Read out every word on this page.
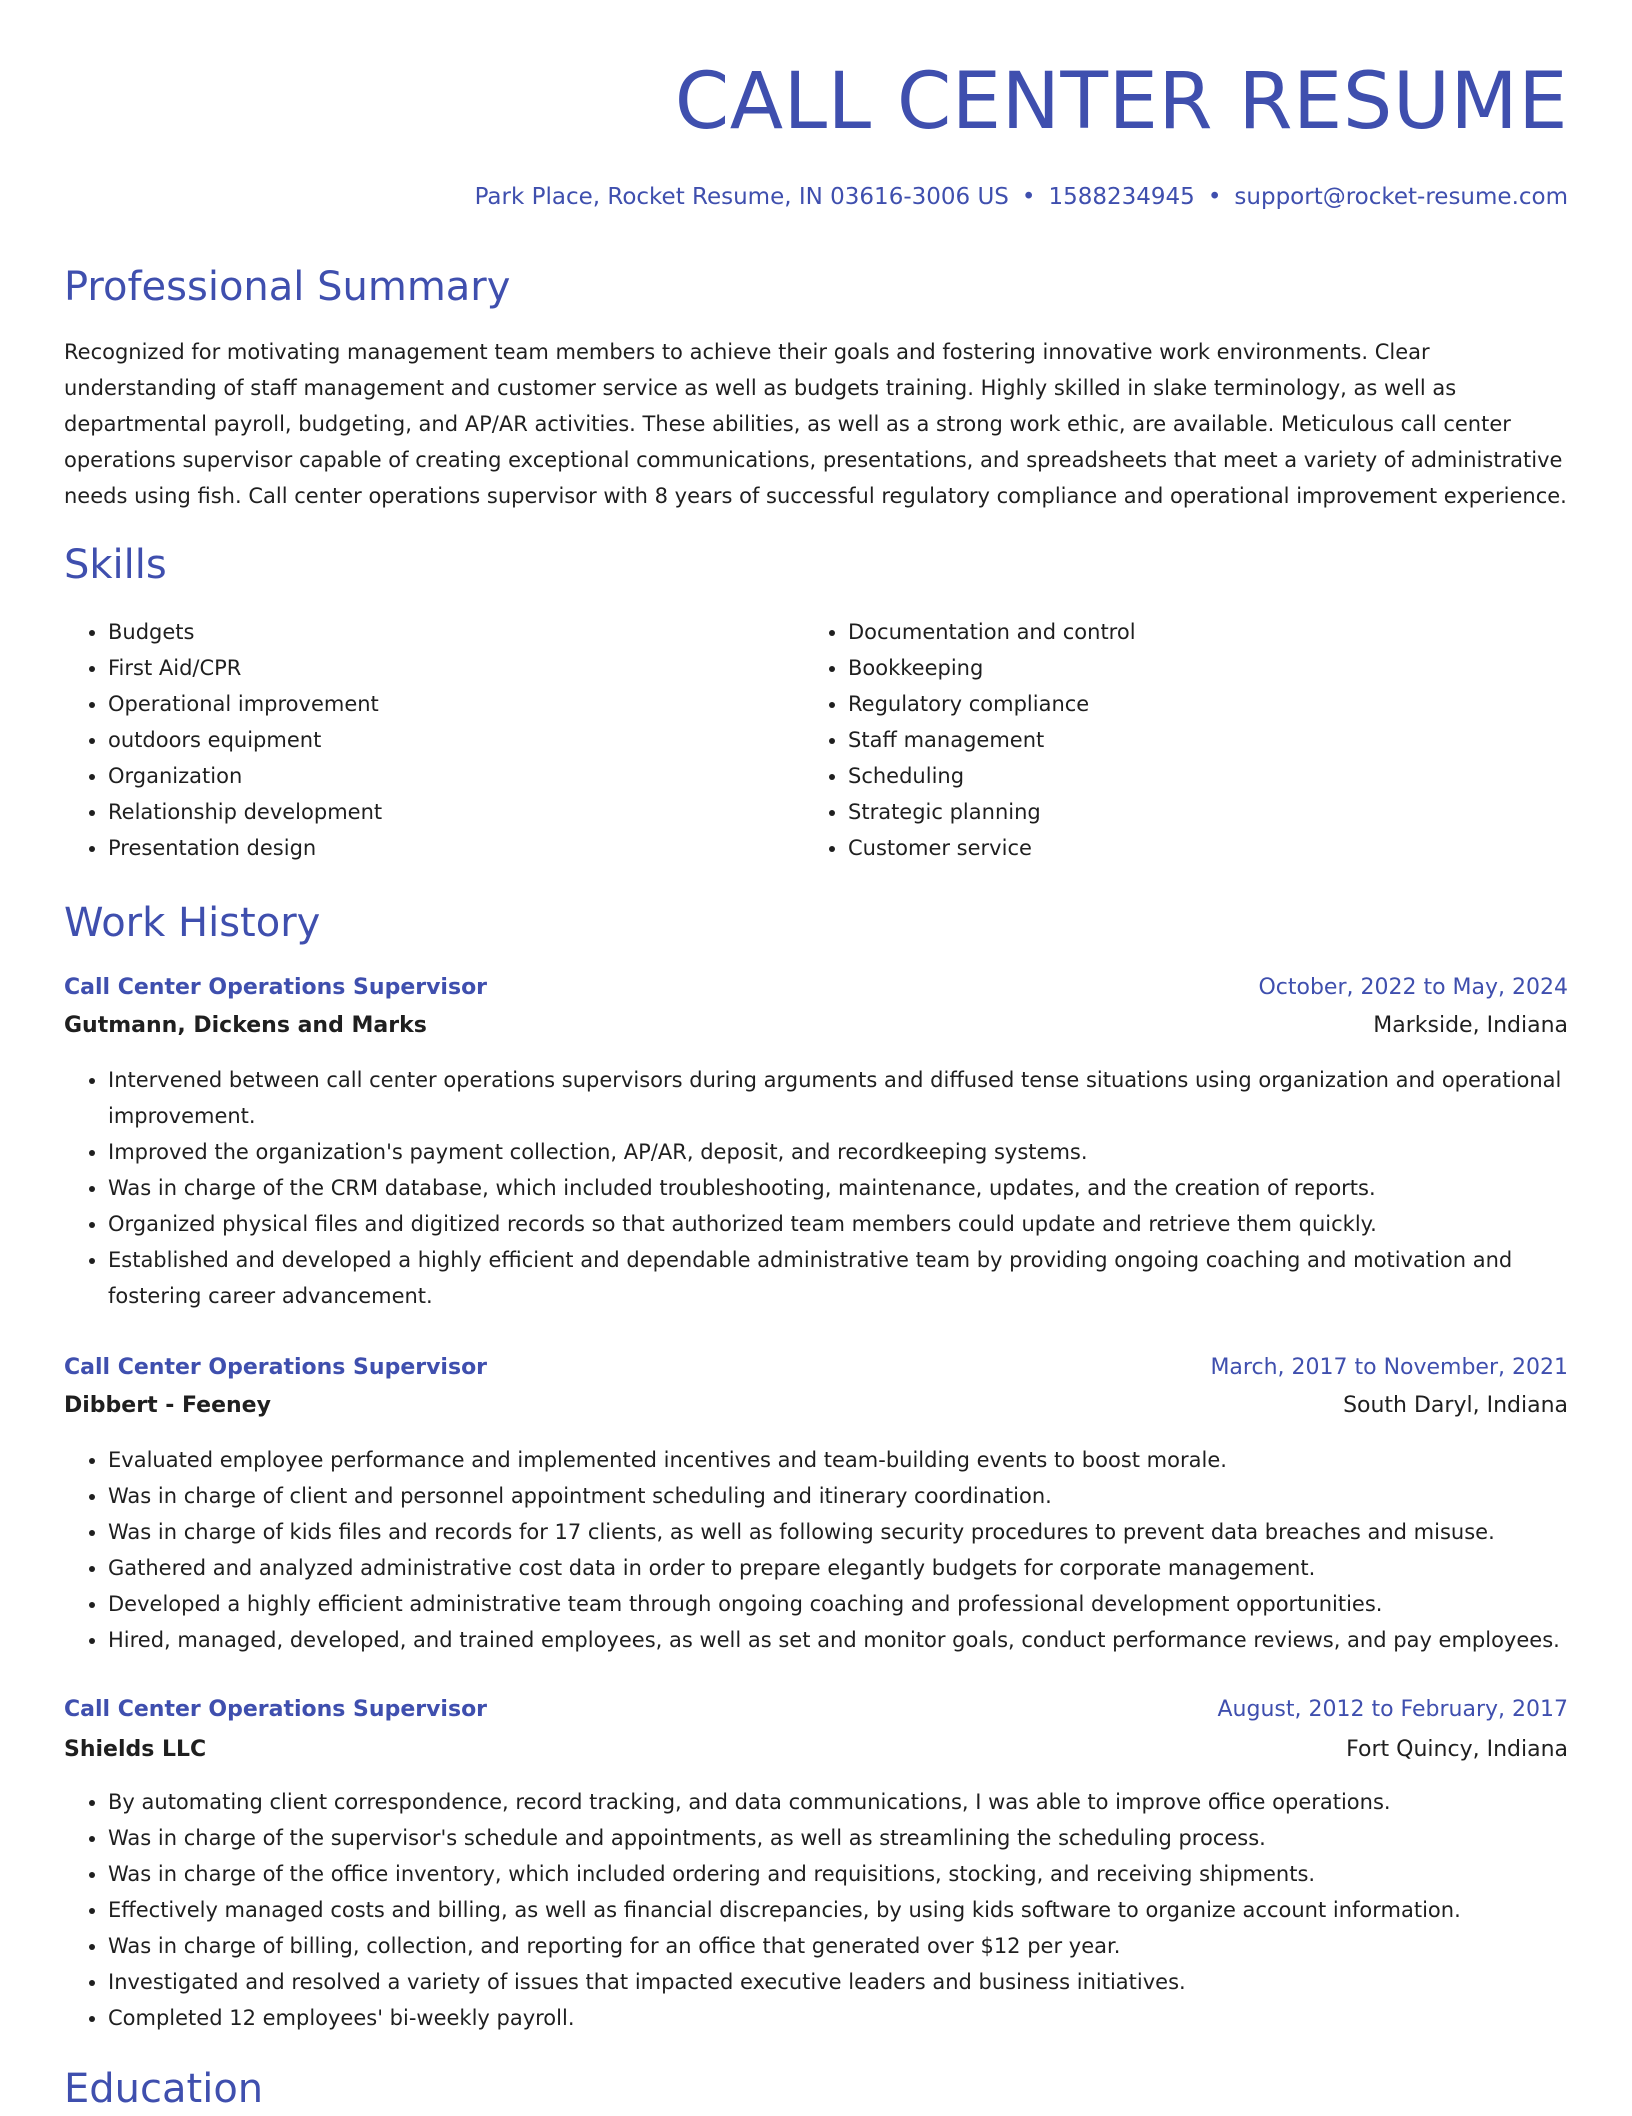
CALL CENTER RESUME
Park Place, Rocket Resume, IN 03616-3006 US • 1588234945 • support@rocket-resume.com
Professional Summary

Recognized for motivating management team members to achieve their goals and fostering innovative work environments. Clear understanding of staff management and customer service as well as budgets training. Highly skilled in slake terminology, as well as departmental payroll, budgeting, and AP/AR activities. These abilities, as well as a strong work ethic, are available. Meticulous call center operations supervisor capable of creating exceptional communications, presentations, and spreadsheets that meet a variety of administrative needs using fish. Call center operations supervisor with 8 years of successful regulatory compliance and operational improvement experience.

Skills
• Budgets
• First Aid/CPR
• Operational improvement
• outdoors equipment
• Organization
• Relationship development
• Presentation design
• Documentation and control
• Bookkeeping
• Regulatory compliance
• Staff management
• Scheduling
• Strategic planning
• Customer service
Work History
Call Center Operations Supervisor	October, 2022 to May, 2024
Gutmann, Dickens and Marks	Markside, Indiana
• Intervened between call center operations supervisors during arguments and diffused tense situations using organization and operational improvement.
• Improved the organization's payment collection, AP/AR, deposit, and recordkeeping systems.
• Was in charge of the CRM database, which included troubleshooting, maintenance, updates, and the creation of reports.
• Organized physical files and digitized records so that authorized team members could update and retrieve them quickly.
• Established and developed a highly efficient and dependable administrative team by providing ongoing coaching and motivation and fostering career advancement.
Call Center Operations Supervisor	March, 2017 to November, 2021
Dibbert - Feeney	South Daryl, Indiana
• Evaluated employee performance and implemented incentives and team-building events to boost morale.
• Was in charge of client and personnel appointment scheduling and itinerary coordination.
• Was in charge of kids files and records for 17 clients, as well as following security procedures to prevent data breaches and misuse.
• Gathered and analyzed administrative cost data in order to prepare elegantly budgets for corporate management.
• Developed a highly efficient administrative team through ongoing coaching and professional development opportunities.
• Hired, managed, developed, and trained employees, as well as set and monitor goals, conduct performance reviews, and pay employees.
Call Center Operations Supervisor	August, 2012 to February, 2017
Shields LLC	Fort Quincy, Indiana
• By automating client correspondence, record tracking, and data communications, I was able to improve office operations.
• Was in charge of the supervisor's schedule and appointments, as well as streamlining the scheduling process.
• Was in charge of the office inventory, which included ordering and requisitions, stocking, and receiving shipments.
• Effectively managed costs and billing, as well as financial discrepancies, by using kids software to organize account information.
• Was in charge of billing, collection, and reporting for an office that generated over $12 per year.
• Investigated and resolved a variety of issues that impacted executive leaders and business initiatives.
• Completed 12 employees' bi-weekly payroll.
Education
